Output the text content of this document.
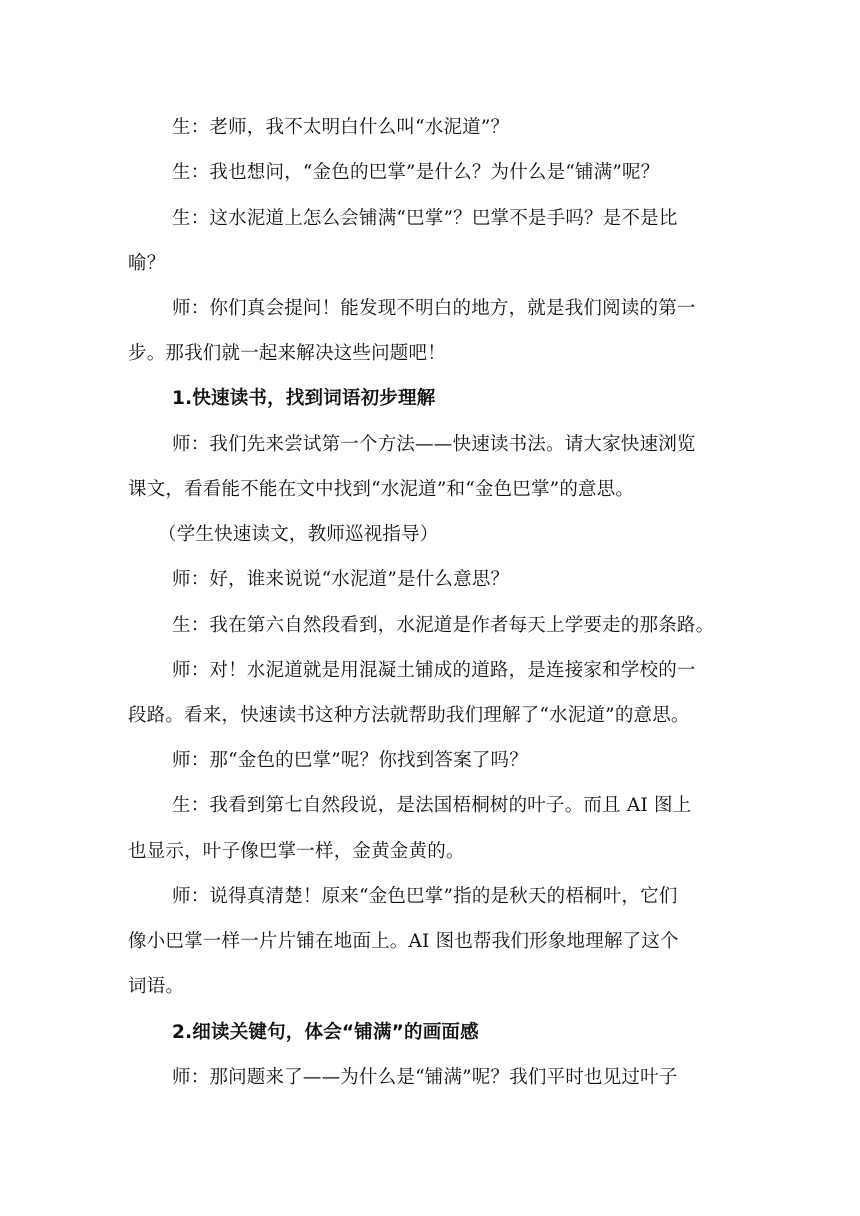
生：老师，我不太明白什么叫“水泥道”？
生：我也想问，“金色的巴掌”是什么？为什么是“铺满”呢？
生：这水泥道上怎么会铺满“巴掌”？巴掌不是手吗？是不是比
喻？
师：你们真会提问！能发现不明白的地方，就是我们阅读的第一
步。那我们就一起来解决这些问题吧！
1.快速读书，找到词语初步理解
师：我们先来尝试第一个方法——快速读书法。请大家快速浏览
课文，看看能不能在文中找到“水泥道”和“金色巴掌”的意思。
（学生快速读文，教师巡视指导）
师：好，谁来说说“水泥道”是什么意思？
生：我在第六自然段看到，水泥道是作者每天上学要走的那条路。
师：对！水泥道就是用混凝土铺成的道路，是连接家和学校的一
段路。看来，快速读书这种方法就帮助我们理解了“水泥道”的意思。
师：那“金色的巴掌”呢？你找到答案了吗？
生：我看到第七自然段说，是法国梧桐树的叶子。而且 AI 图上
也显示，叶子像巴掌一样，金黄金黄的。
师：说得真清楚！原来“金色巴掌”指的是秋天的梧桐叶，它们
像小巴掌一样一片片铺在地面上。AI 图也帮我们形象地理解了这个
词语。
2.细读关键句，体会“铺满”的画面感
师：那问题来了——为什么是“铺满”呢？我们平时也见过叶子
